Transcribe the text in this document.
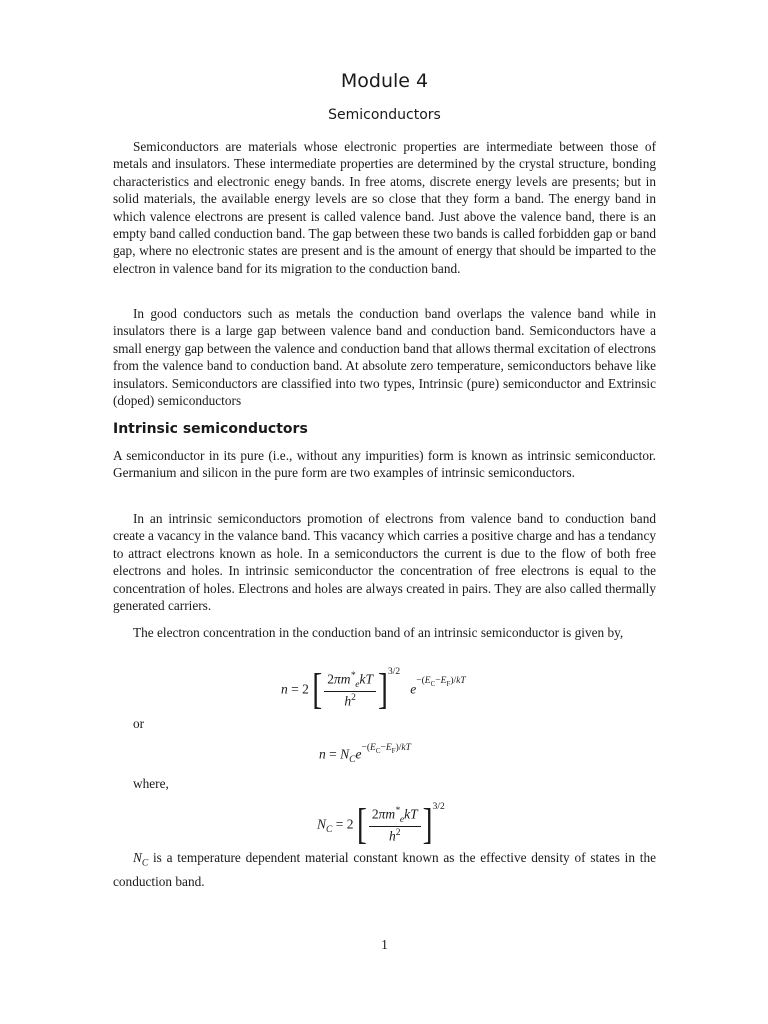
Module 4
Semiconductors

Semiconductors are materials whose electronic properties are intermediate between those of metals and insulators. These intermediate properties are determined by the crystal structure, bonding characteristics and electronic enegy bands. In free atoms, discrete energy levels are presents; but in solid materials, the available energy levels are so close that they form a band. The energy band in which valence electrons are present is called valence band. Just above the valence band, there is an empty band called conduction band. The gap between these two bands is called forbidden gap or band gap, where no electronic states are present and is the amount of energy that should be imparted to the electron in valence band for its migration to the conduction band.

In good conductors such as metals the conduction band overlaps the valence band while in insulators there is a large gap between valence band and conduction band. Semiconductors have a small energy gap between the valence and conduction band that allows thermal excitation of electrons from the valence band to conduction band. At absolute zero temperature, semiconductors behave like insulators. Semiconductors are classified into two types, Intrinsic (pure) semiconductor and Extrinsic (doped) semiconductors

Intrinsic semiconductors

A semiconductor in its pure (i.e., without any impurities) form is known as intrinsic semiconductor. Germanium and silicon in the pure form are two examples of intrinsic semiconductors.

In an intrinsic semiconductors promotion of electrons from valence band to conduction band create a vacancy in the valance band. This vacancy which carries a positive charge and has a tendancy to attract electrons known as hole. In a semiconductors the current is due to the flow of both free electrons and holes. In intrinsic semiconductor the concentration of free electrons is equal to the concentration of holes. Electrons and holes are always created in pairs. They are also called thermally generated carriers.

The electron concentration in the conduction band of an intrinsic semiconductor is given by,

n = 2 [ $\frac{2\pi m^*_ekT}{h^2} ]^{3/2}$   $e^{-(E_C-E_F)/kT}$
or
$n = N_Ce^{-(E_C-E_F)/kT}$
where,
$N_C = 2$ [ $\frac{2\pi m^*_ekT}{h^2} ]^{3/2}$

$N_C$ is a temperature dependent material constant known as the effective density of states in the conduction band.

1
